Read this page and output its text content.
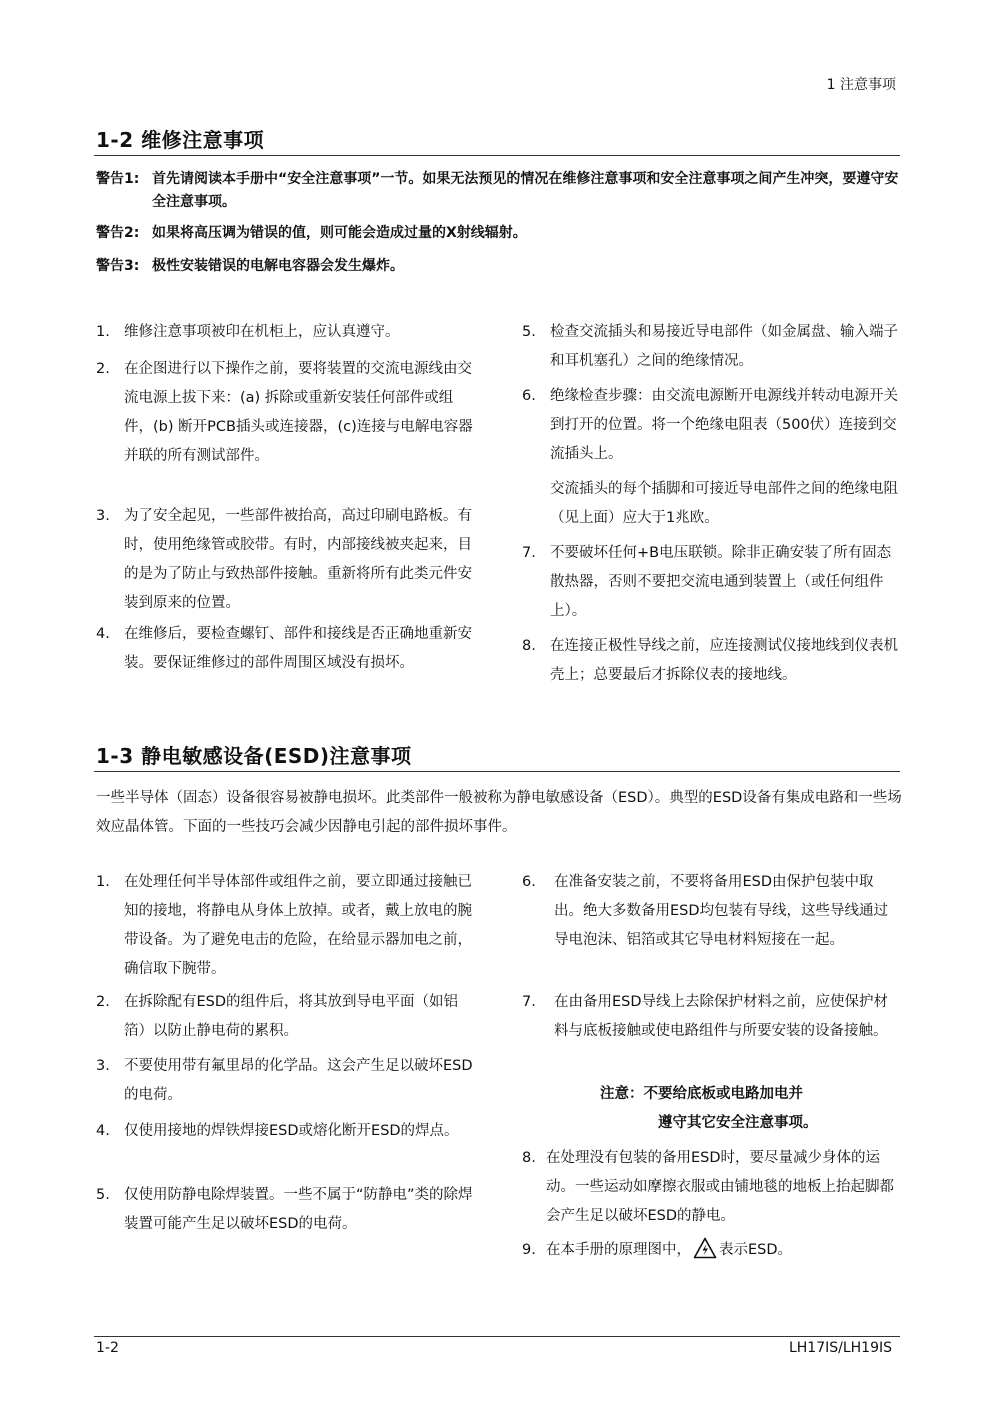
1 注意事项
1-2 维修注意事项
警告1: 首先请阅读本手册中“安全注意事项”一节。如果无法预见的情况在维修注意事项和安全注意事项之间产生冲突，要遵守安全注意事项。
警告2: 如果将高压调为错误的值，则可能会造成过量的X射线辐射。
警告3: 极性安装错误的电解电容器会发生爆炸。
1. 维修注意事项被印在机柜上，应认真遵守。
2. 在企图进行以下操作之前，要将装置的交流电源线由交流电源上拔下来：(a) 拆除或重新安装任何部件或组件，(b) 断开PCB插头或连接器，(c)连接与电解电容器并联的所有测试部件。
3. 为了安全起见，一些部件被抬高，高过印刷电路板。有时，使用绝缘管或胶带。有时，内部接线被夹起来，目的是为了防止与致热部件接触。重新将所有此类元件安装到原来的位置。
4. 在维修后，要检查螺钉、部件和接线是否正确地重新安装。要保证维修过的部件周围区域没有损坏。
5. 检查交流插头和易接近导电部件（如金属盘、输入端子和耳机塞孔）之间的绝缘情况。
6. 绝缘检查步骤：由交流电源断开电源线并转动电源开关到打开的位置。将一个绝缘电阻表（500伏）连接到交流插头上。
交流插头的每个插脚和可接近导电部件之间的绝缘电阻（见上面）应大于1兆欧。
7. 不要破坏任何+B电压联锁。除非正确安装了所有固态散热器，否则不要把交流电通到装置上（或任何组件上）。
8. 在连接正极性导线之前，应连接测试仪接地线到仪表机壳上；总要最后才拆除仪表的接地线。
1-3 静电敏感设备(ESD)注意事项
一些半导体（固态）设备很容易被静电损坏。此类部件一般被称为静电敏感设备（ESD）。典型的ESD设备有集成电路和一些场效应晶体管。下面的一些技巧会减少因静电引起的部件损坏事件。
1. 在处理任何半导体部件或组件之前，要立即通过接触已知的接地，将静电从身体上放掉。或者，戴上放电的腕带设备。为了避免电击的危险，在给显示器加电之前，确信取下腕带。
2. 在拆除配有ESD的组件后，将其放到导电平面（如铝箔）以防止静电荷的累积。
3. 不要使用带有氟里昂的化学品。这会产生足以破坏ESD的电荷。
4. 仅使用接地的焊铁焊接ESD或熔化断开ESD的焊点。
5. 仅使用防静电除焊装置。一些不属于“防静电”类的除焊装置可能产生足以破坏ESD的电荷。
6. 在准备安装之前，不要将备用ESD由保护包装中取出。绝大多数备用ESD均包装有导线，这些导线通过导电泡沫、铝箔或其它导电材料短接在一起。
7. 在由备用ESD导线上去除保护材料之前，应使保护材料与底板接触或使电路组件与所要安装的设备接触。
注意：不要给底板或电路加电并
遵守其它安全注意事项。
8. 在处理没有包装的备用ESD时，要尽量减少身体的运动。一些运动如摩擦衣服或由铺地毯的地板上抬起脚都会产生足以破坏ESD的静电。
9. 在本手册的原理图中， 表示ESD。
1-2	LH17IS/LH19IS
